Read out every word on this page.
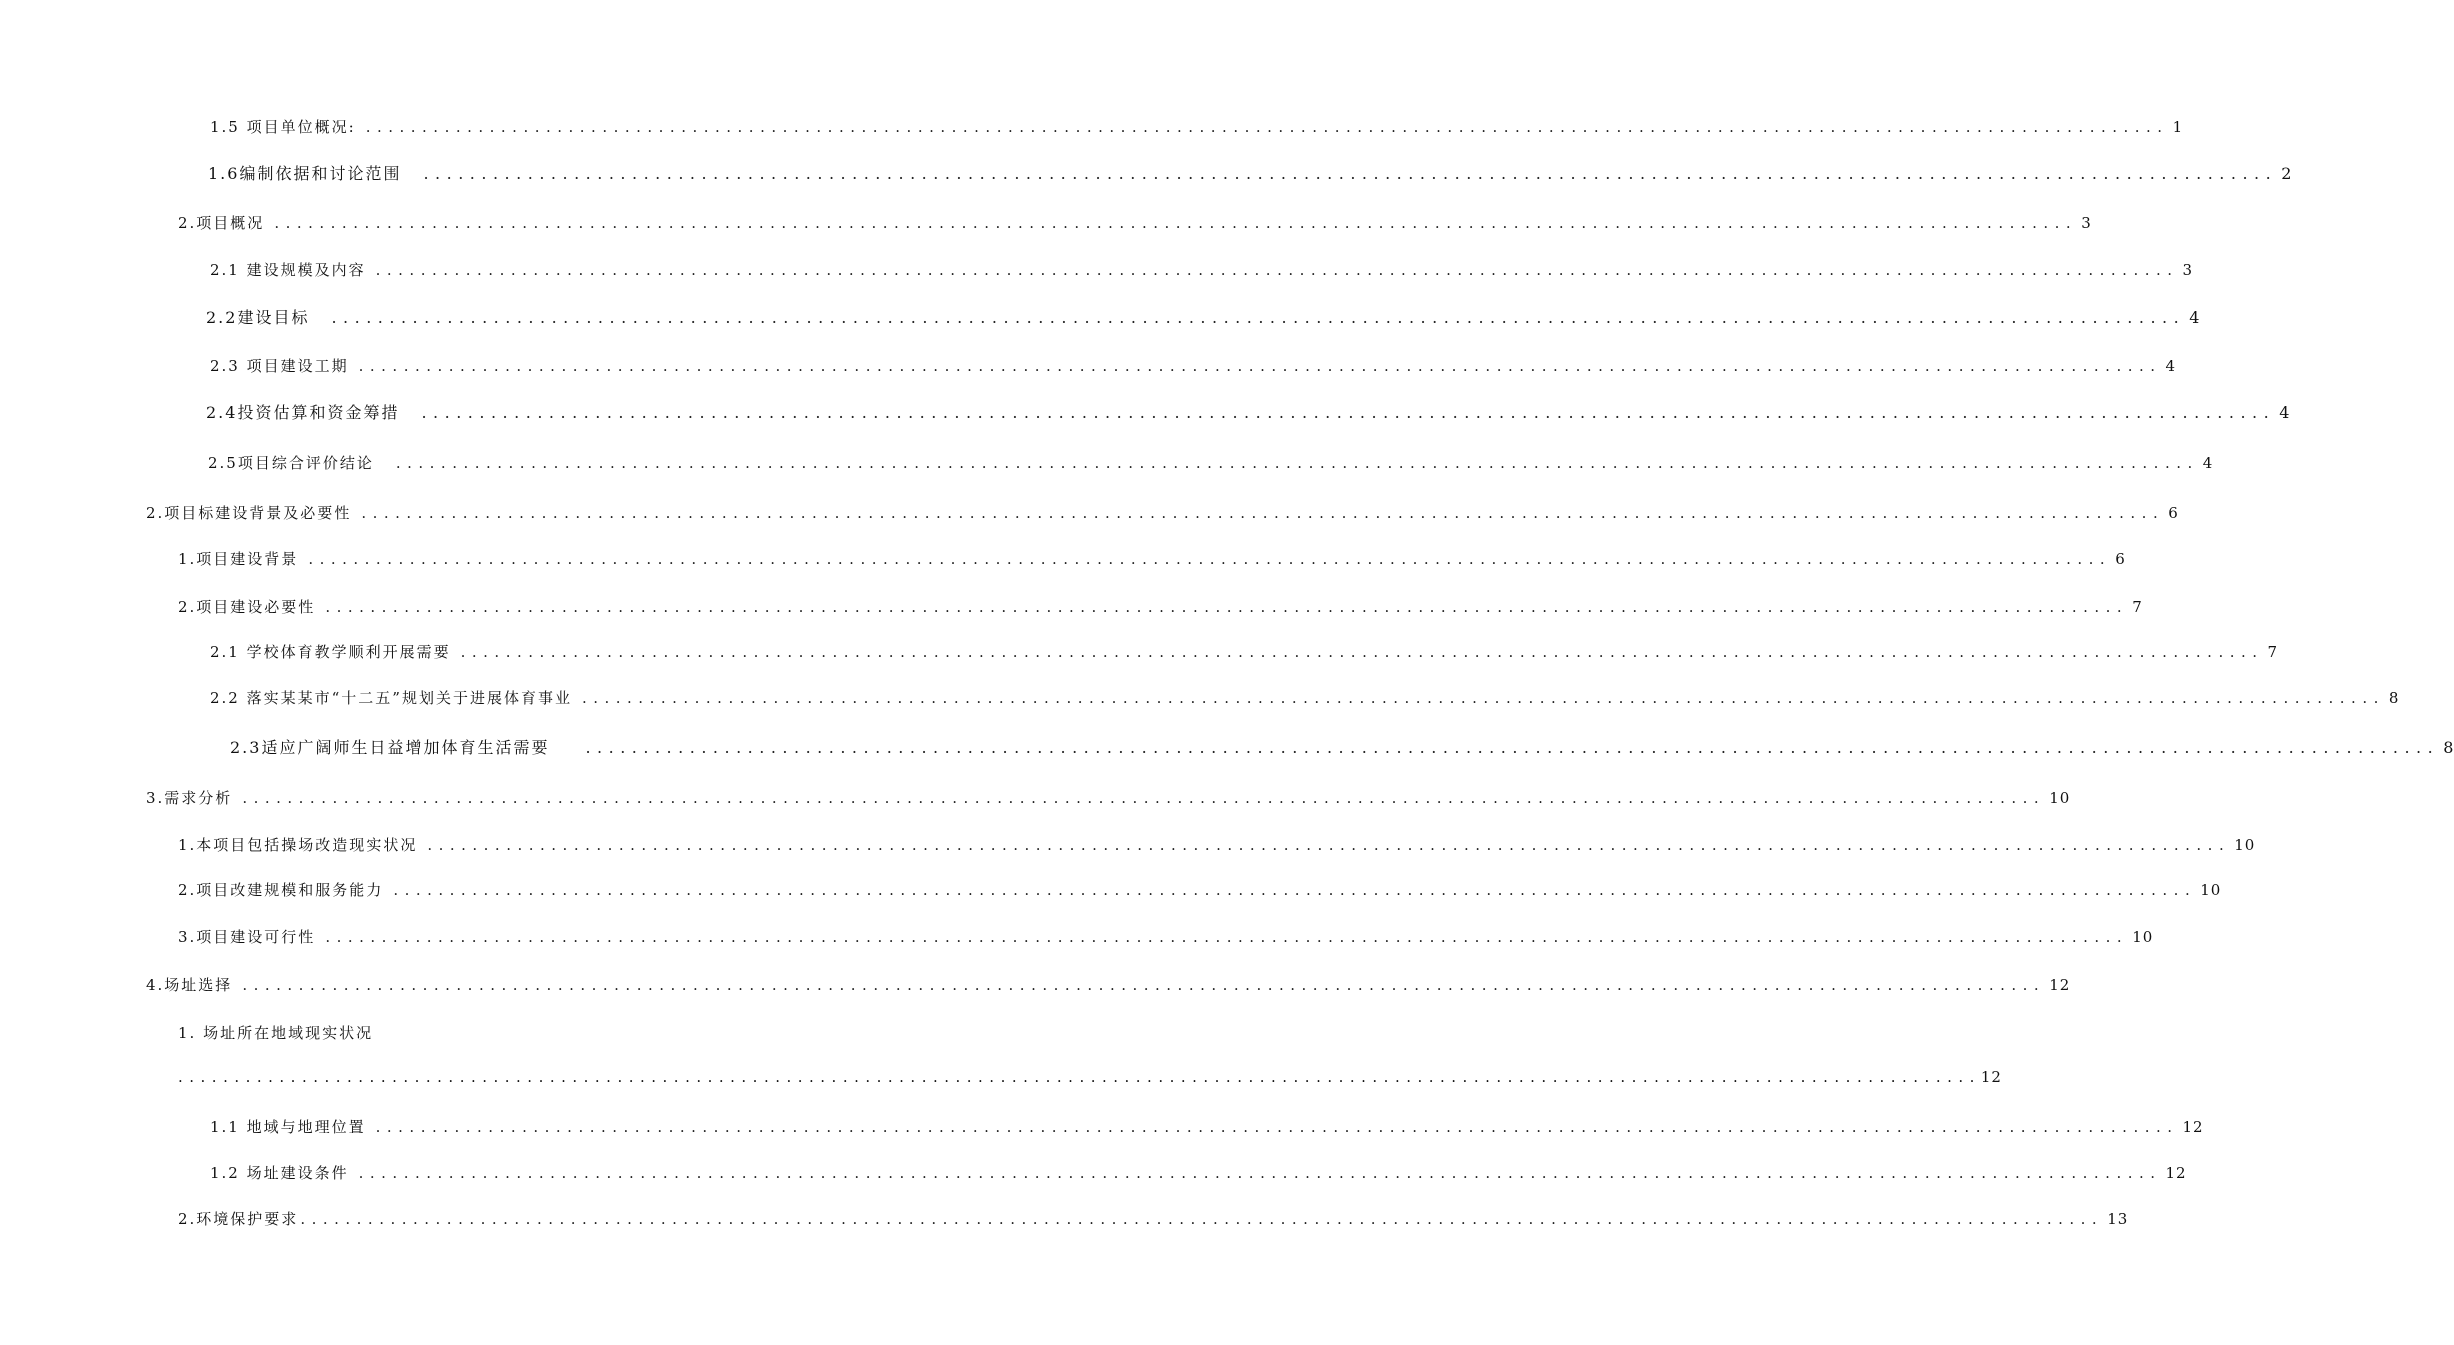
1.5 项目单位概况: ................................................................................................................................................................ 1
1.6编制依据和讨论范围 ................................................................................................................................................................ 2
2.项目概况 ................................................................................................................................................................ 3
2.1 建设规模及内容 ................................................................................................................................................................ 3
2.2建设目标 ................................................................................................................................................................ 4
2.3 项目建设工期 ................................................................................................................................................................ 4
2.4投资估算和资金筹措 ................................................................................................................................................................ 4
2.5项目综合评价结论 ................................................................................................................................................................ 4
2.项目标建设背景及必要性 ................................................................................................................................................................ 6
1.项目建设背景 ................................................................................................................................................................ 6
2.项目建设必要性 ................................................................................................................................................................ 7
2.1 学校体育教学顺利开展需要 ................................................................................................................................................................ 7
2.2 落实某某市“十二五”规划关于进展体育事业 ................................................................................................................................................................ 8
2.3适应广阔师生日益增加体育生活需要 ................................................................................................................................................................ 8
3.需求分析 ................................................................................................................................................................ 10
1.本项目包括操场改造现实状况 ................................................................................................................................................................ 10
2.项目改建规模和服务能力 ................................................................................................................................................................ 10
3.项目建设可行性 ................................................................................................................................................................ 10
4.场址选择 ................................................................................................................................................................ 12
1. 场址所在地域现实状况
................................................................................................................................................................ 12
1.1 地域与地理位置 ................................................................................................................................................................ 12
1.2 场址建设条件 ................................................................................................................................................................ 12
2.环境保护要求 ................................................................................................................................................................ 13
